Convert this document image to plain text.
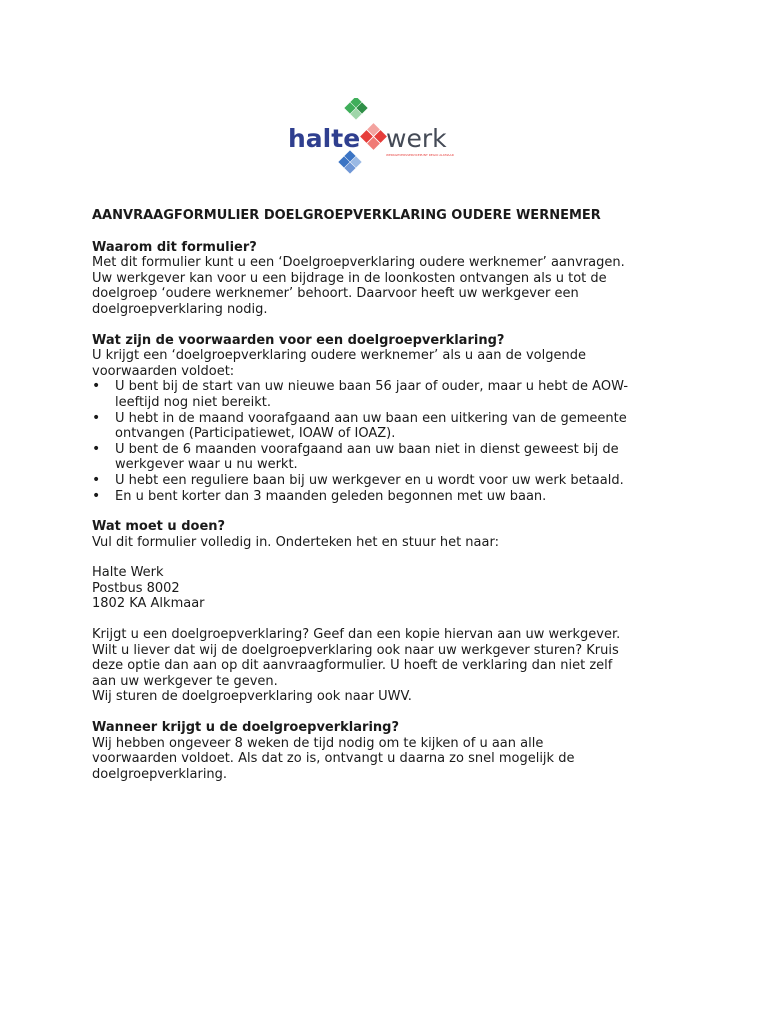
halte werk
WERKGEVERSSERVICEPUNT REGIO ALKMAAR
AANVRAAGFORMULIER DOELGROEPVERKLARING OUDERE WERNEMER
Waarom dit formulier?

Met dit formulier kunt u een ‘Doelgroepverklaring oudere werknemer’ aanvragen.

Uw werkgever kan voor u een bijdrage in de loonkosten ontvangen als u tot de

doelgroep ‘oudere werknemer’ behoort. Daarvoor heeft uw werkgever een

doelgroepverklaring nodig.

Wat zijn de voorwaarden voor een doelgroepverklaring?

U krijgt een ‘doelgroepverklaring oudere werknemer’ als u aan de volgende

voorwaarden voldoet:

• U bent bij de start van uw nieuwe baan 56 jaar of ouder, maar u hebt de AOW-
leeftijd nog niet bereikt.
• U hebt in de maand voorafgaand aan uw baan een uitkering van de gemeente
ontvangen (Participatiewet, IOAW of IOAZ).
• U bent de 6 maanden voorafgaand aan uw baan niet in dienst geweest bij de
werkgever waar u nu werkt.
• U hebt een reguliere baan bij uw werkgever en u wordt voor uw werk betaald.
• En u bent korter dan 3 maanden geleden begonnen met uw baan.
Wat moet u doen?

Vul dit formulier volledig in. Onderteken het en stuur het naar:

Halte Werk

Postbus 8002

1802 KA Alkmaar

Krijgt u een doelgroepverklaring? Geef dan een kopie hiervan aan uw werkgever.

Wilt u liever dat wij de doelgroepverklaring ook naar uw werkgever sturen? Kruis

deze optie dan aan op dit aanvraagformulier. U hoeft de verklaring dan niet zelf

aan uw werkgever te geven.

Wij sturen de doelgroepverklaring ook naar UWV.

Wanneer krijgt u de doelgroepverklaring?

Wij hebben ongeveer 8 weken de tijd nodig om te kijken of u aan alle

voorwaarden voldoet. Als dat zo is, ontvangt u daarna zo snel mogelijk de

doelgroepverklaring.
